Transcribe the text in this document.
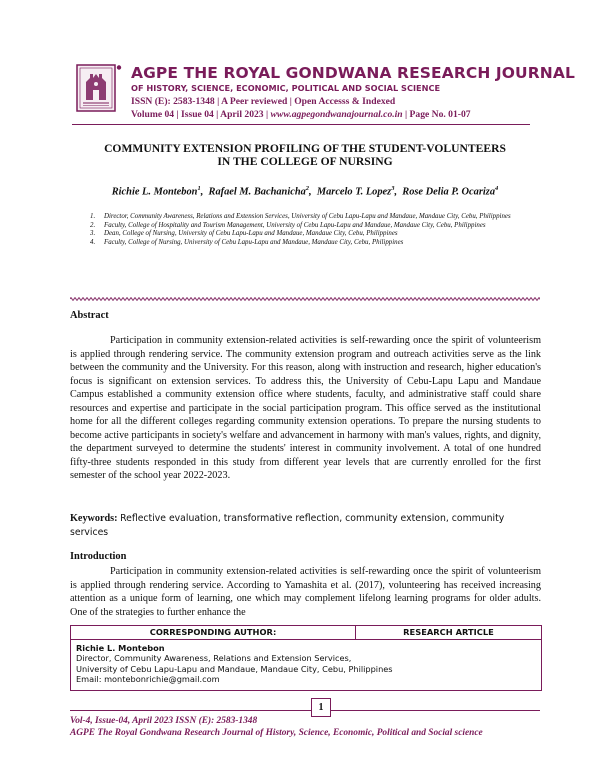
AGPE THE ROYAL GONDWANA RESEARCH JOURNAL
OF HISTORY, SCIENCE, ECONOMIC, POLITICAL AND SOCIAL SCIENCE
ISSN (E): 2583-1348 | A Peer reviewed | Open Accesss & Indexed
Volume 04 | Issue 04 | April 2023 | www.agpegondwanajournal.co.in | Page No. 01-07
COMMUNITY EXTENSION PROFILING OF THE STUDENT-VOLUNTEERS
IN THE COLLEGE OF NURSING
Richie L. Montebon$^1$,  Rafael M. Bachanicha$^2$,  Marcelo T. Lopez$^3$,  Rose Delia P. Ocariza$^4$
1. Director, Community Awareness, Relations and Extension Services, University of Cebu Lapu-Lapu and Mandaue, Mandaue City, Cebu, Philippines
2. Faculty, College of Hospitality and Tourism Management, University of Cebu Lapu-Lapu and Mandaue, Mandaue City, Cebu, Philippines
3. Dean, College of Nursing, University of Cebu Lapu-Lapu and Mandaue, Mandaue City, Cebu, Philippines
4. Faculty, College of Nursing, University of Cebu Lapu-Lapu and Mandaue, Mandaue City, Cebu, Philippines
Abstract
Participation in community extension-related activities is self-rewarding once the spirit of volunteerism is applied through rendering service. The community extension program and outreach activities serve as the link between the community and the University. For this reason, along with instruction and research, higher education's focus is significant on extension services. To address this, the University of Cebu-Lapu Lapu and Mandaue Campus established a community extension office where students, faculty, and administrative staff could share resources and expertise and participate in the social participation program. This office served as the institutional home for all the different colleges regarding community extension operations. To prepare the nursing students to become active participants in society's welfare and advancement in harmony with man's values, rights, and dignity, the department surveyed to determine the students' interest in community involvement. A total of one hundred fifty-three students responded in this study from different year levels that are currently enrolled for the first semester of the school year 2022-2023.
Keywords: Reflective evaluation, transformative reflection, community extension, community services
Introduction
Participation in community extension-related activities is self-rewarding once the spirit of volunteerism is applied through rendering service. According to Yamashita et al. (2017), volunteering has received increasing attention as a unique form of learning, one which may complement lifelong learning programs for older adults. One of the strategies to further enhance the
CORRESPONDING AUTHOR:	RESEARCH ARTICLE
Richie L. Montebon
Director, Community Awareness, Relations and Extension Services,
University of Cebu Lapu-Lapu and Mandaue, Mandaue City, Cebu, Philippines
Email: montebonrichie@gmail.com
1
Vol-4, Issue-04, April 2023 ISSN (E): 2583-1348
AGPE The Royal Gondwana Research Journal of History, Science, Economic, Political and Social science
